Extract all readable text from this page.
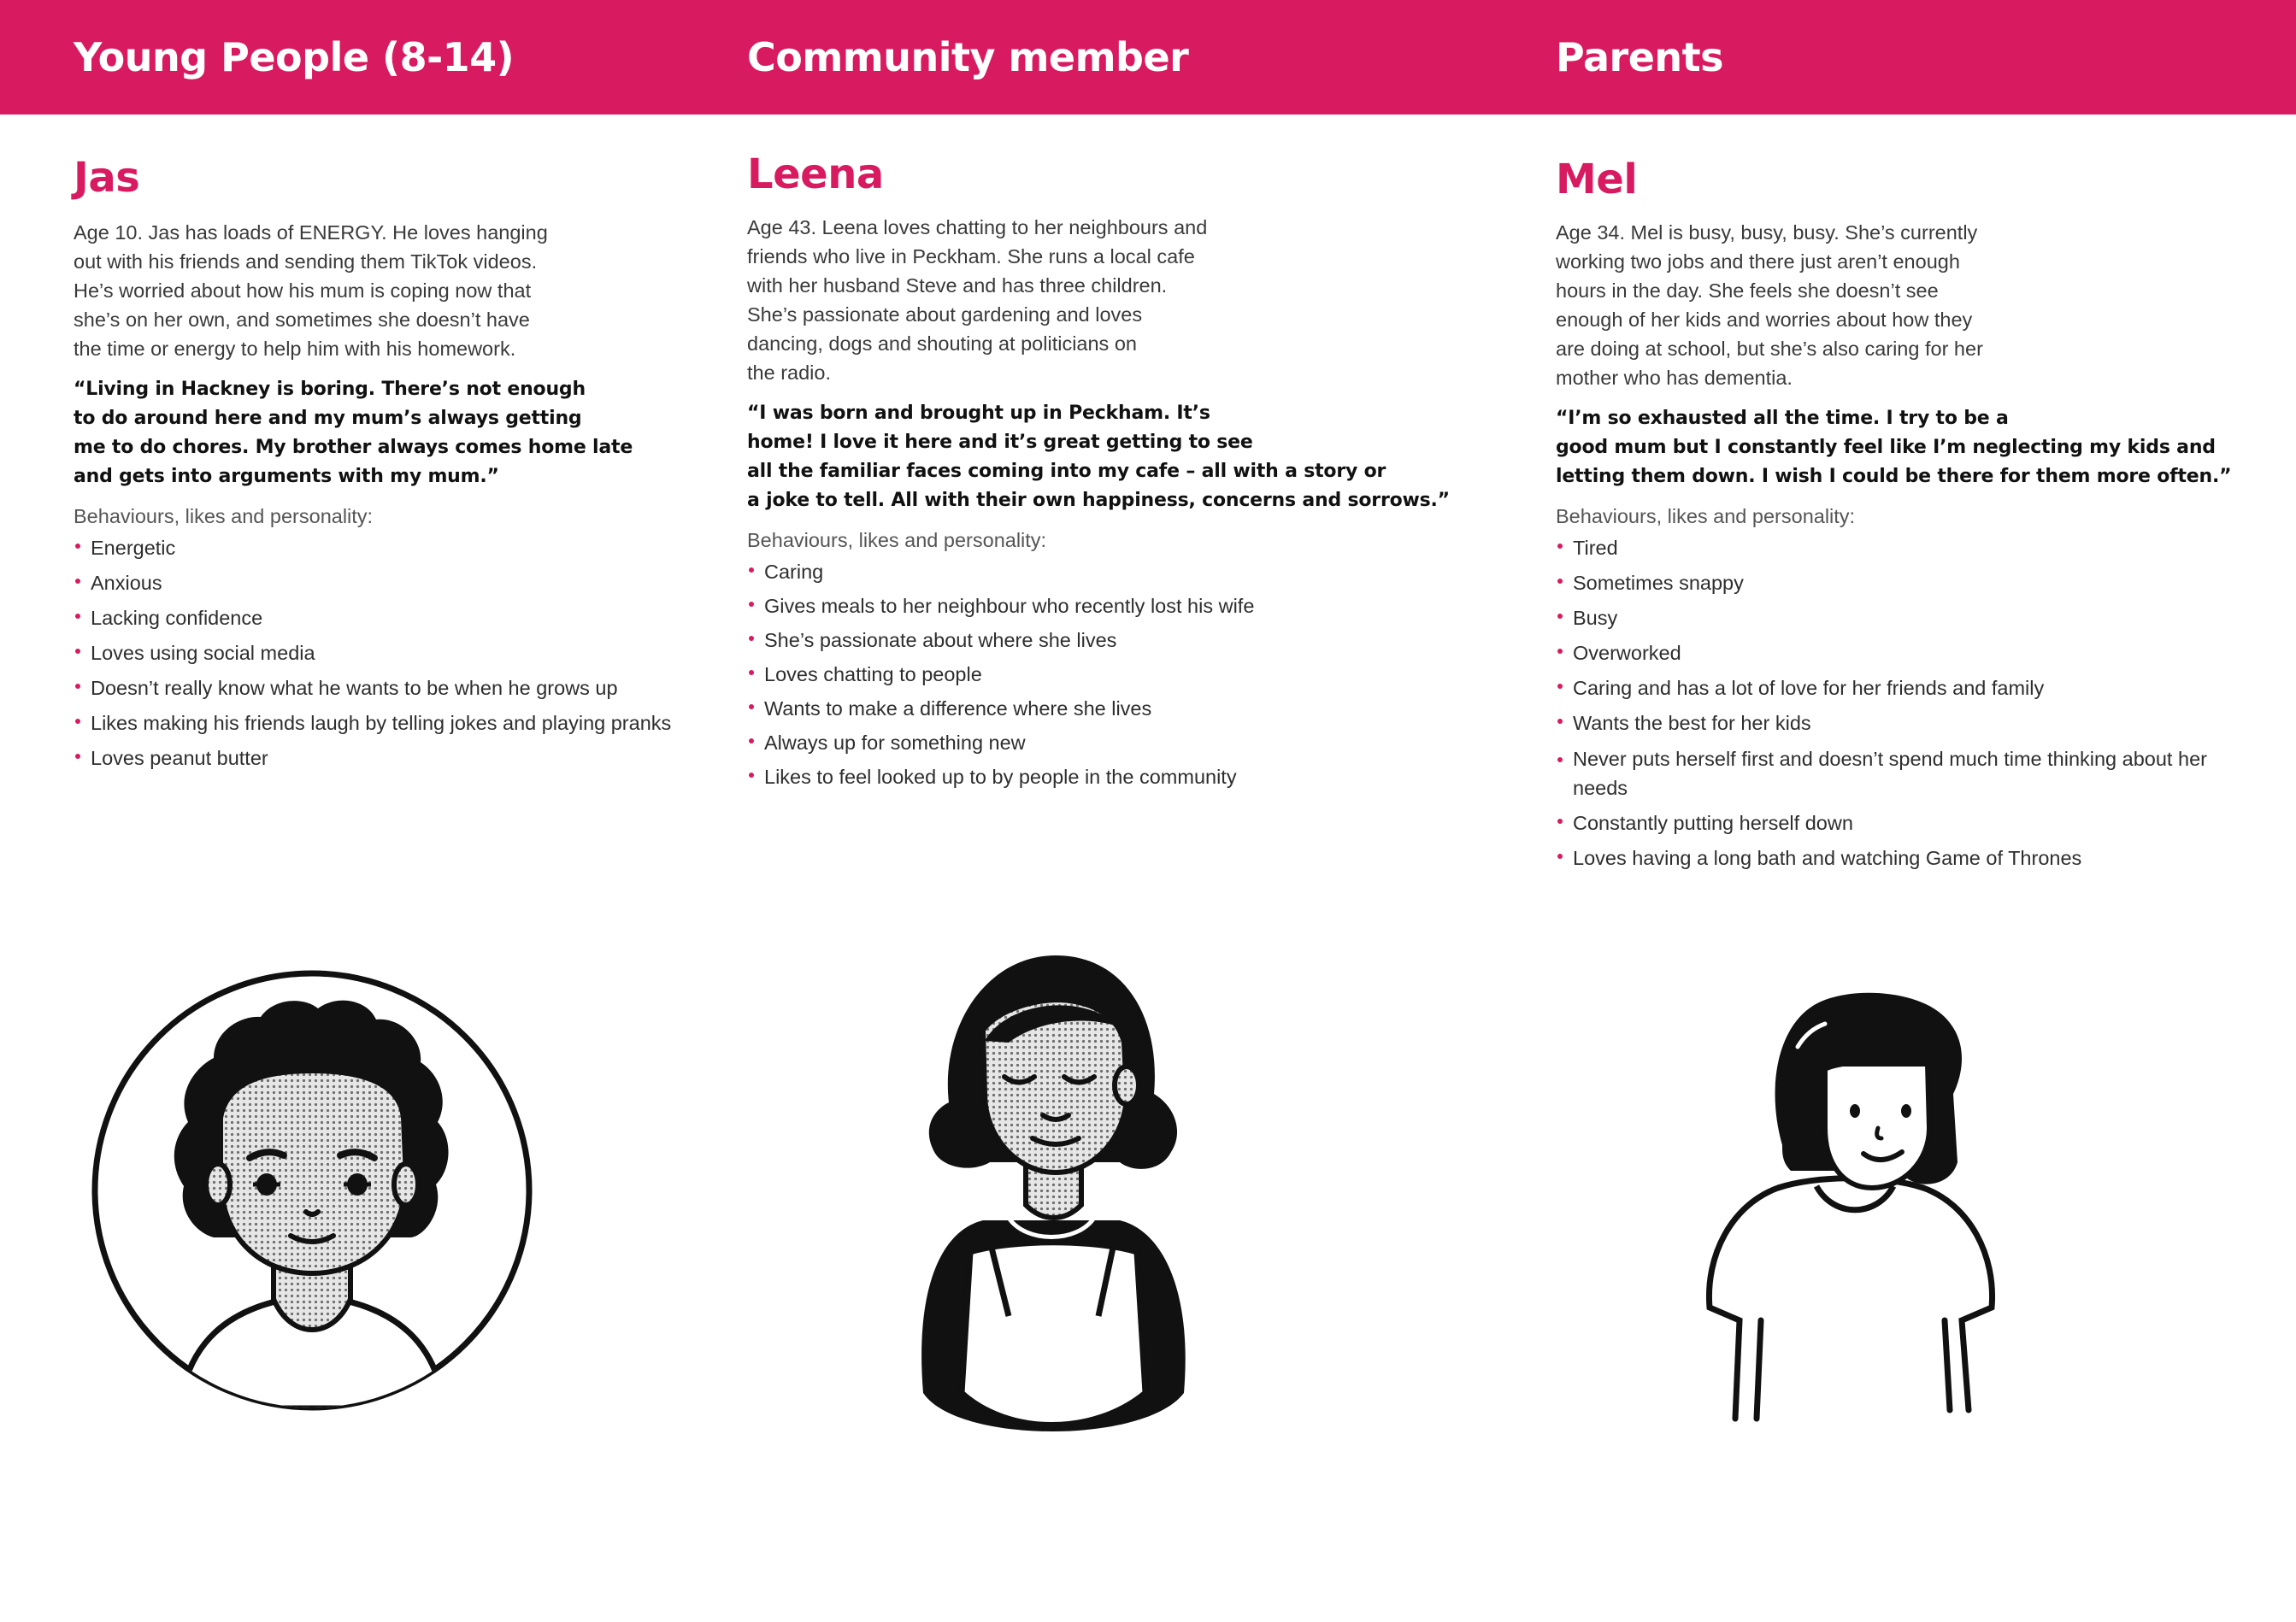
Young People (8-14)	Community member	Parents
Jas

Age 10. Jas has loads of ENERGY. He loves hanging

out with his friends and sending them TikTok videos.

He’s worried about how his mum is coping now that

she’s on her own, and sometimes she doesn’t have

the time or energy to help him with his homework.

“Living in Hackney is boring. There’s not enough

to do around here and my mum’s always getting

me to do chores. My brother always comes home late

and gets into arguments with my mum.”

Behaviours, likes and personality:

Energetic
Anxious
Lacking confidence
Loves using social media
Doesn’t really know what he wants to be when he grows up
Likes making his friends laugh by telling jokes and playing pranks
Loves peanut butter
Leena

Age 43. Leena loves chatting to her neighbours and

friends who live in Peckham. She runs a local cafe

with her husband Steve and has three children.

She’s passionate about gardening and loves

dancing, dogs and shouting at politicians on

the radio.

“I was born and brought up in Peckham. It’s

home! I love it here and it’s great getting to see

all the familiar faces coming into my cafe – all with a story or

a joke to tell. All with their own happiness, concerns and sorrows.”

Behaviours, likes and personality:

Caring
Gives meals to her neighbour who recently lost his wife
She’s passionate about where she lives
Loves chatting to people
Wants to make a difference where she lives
Always up for something new
Likes to feel looked up to by people in the community
Mel

Age 34. Mel is busy, busy, busy. She’s currently

working two jobs and there just aren’t enough

hours in the day. She feels she doesn’t see

enough of her kids and worries about how they

are doing at school, but she’s also caring for her

mother who has dementia.

“I’m so exhausted all the time. I try to be a

good mum but I constantly feel like I’m neglecting my kids and

letting them down. I wish I could be there for them more often.”

Behaviours, likes and personality:

Tired
Sometimes snappy
Busy
Overworked
Caring and has a lot of love for her friends and family
Wants the best for her kids
Never puts herself first and doesn’t spend much time thinking about her needs
Constantly putting herself down
Loves having a long bath and watching Game of Thrones
